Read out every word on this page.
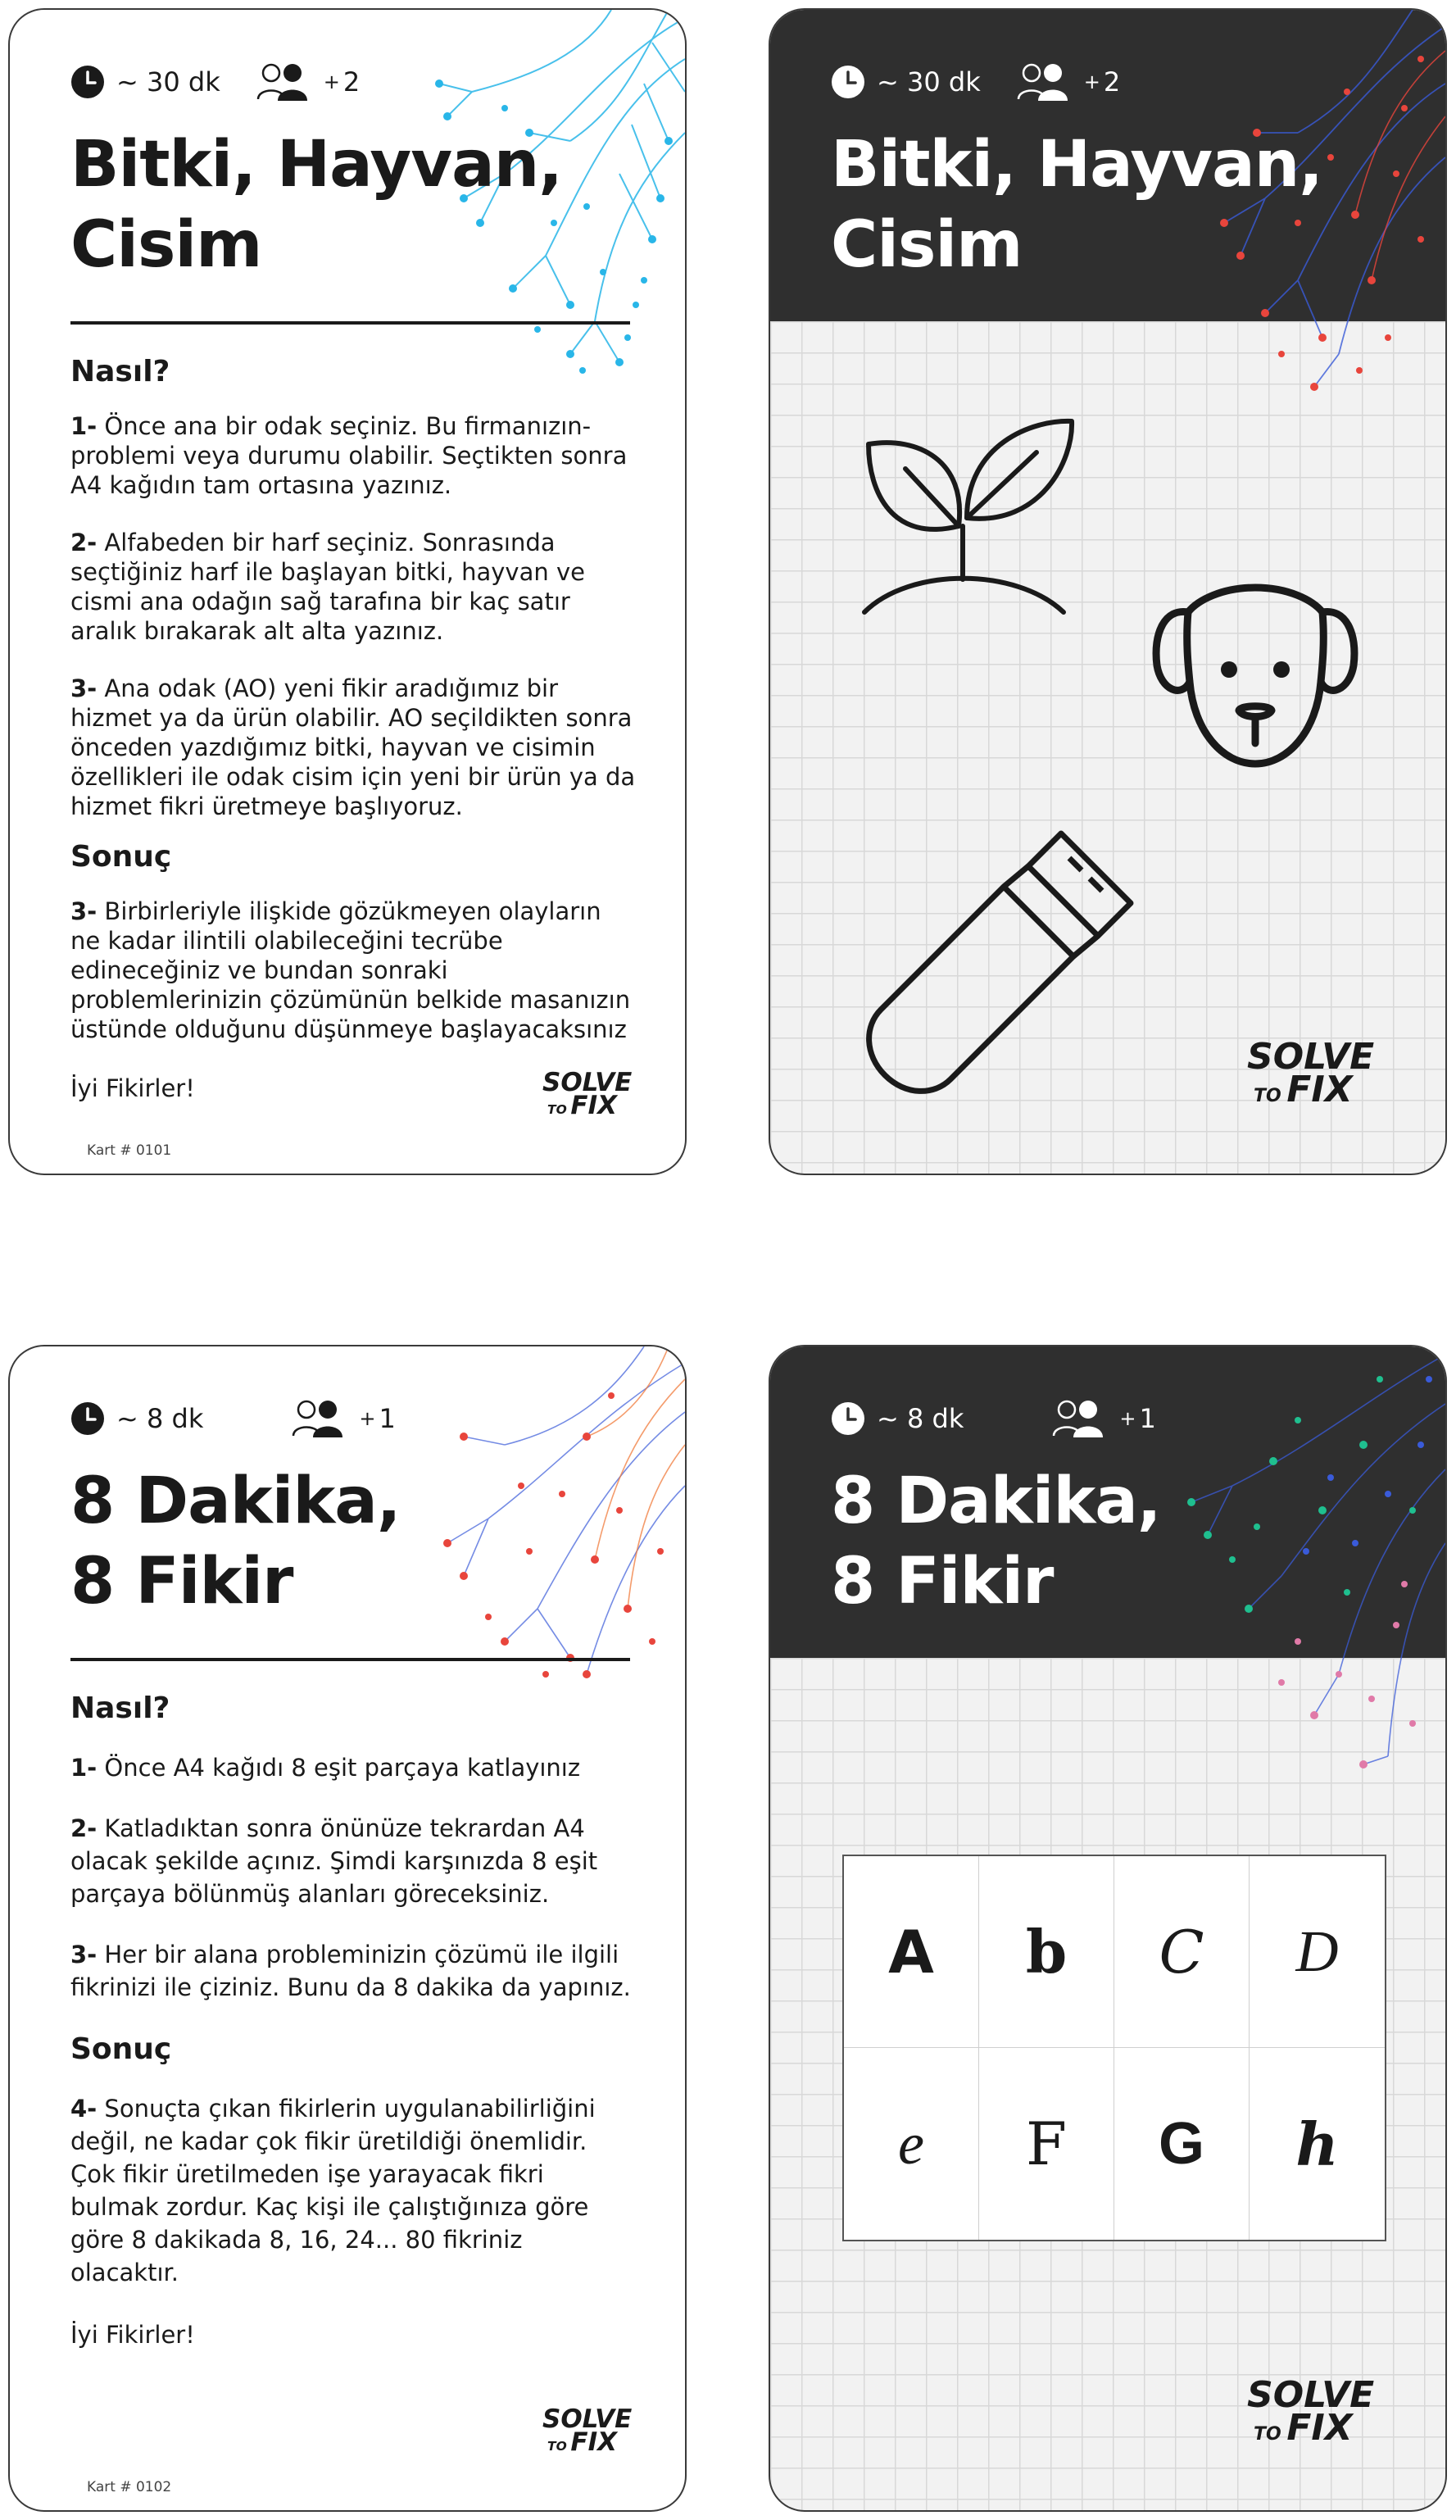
~ 30 dk	+ 2
Bitki, Hayvan,
Cisim
Nasıl?
1- Önce ana bir odak seçiniz. Bu firmanızın-problemi veya durumu olabilir. Seçtikten sonra A4 kağıdın tam ortasına yazınız.
2- Alfabeden bir harf seçiniz. Sonrasında seçtiğiniz harf ile başlayan bitki, hayvan ve cismi ana odağın sağ tarafına bir kaç satır aralık bırakarak alt alta yazınız.
3- Ana odak (AO) yeni fikir aradığımız bir hizmet ya da ürün olabilir. AO seçildikten sonra önceden yazdığımız bitki, hayvan ve cisimin özellikleri ile odak cisim için yeni bir ürün ya da hizmet fikri üretmeye başlıyoruz.
Sonuç
3- Birbirleriyle ilişkide gözükmeyen olayların ne kadar ilintili olabileceğini tecrübe edineceğiniz ve bundan sonraki problemlerinizin çözümünün belkide masanızın üstünde olduğunu düşünmeye başlayacaksınız
İyi Fikirler!	SOLVE
TO FIX
Kart # 0101
~ 30 dk	+ 2
Bitki, Hayvan,
Cisim
SOLVE
TO FIX
~ 8 dk	+ 1
8 Dakika,
8 Fikir
Nasıl?
1- Önce A4 kağıdı 8 eşit parçaya katlayınız
2- Katladıktan sonra önünüze tekrardan A4 olacak şekilde açınız. Şimdi karşınızda 8 eşit parçaya bölünmüş alanları göreceksiniz.
3- Her bir alana probleminizin çözümü ile ilgili fikrinizi ile çiziniz. Bunu da 8 dakika da yapınız.
Sonuç
4- Sonuçta çıkan fikirlerin uygulanabilirliğini değil, ne kadar çok fikir üretildiği önemlidir. Çok fikir üretilmeden işe yarayacak fikri bulmak zordur. Kaç kişi ile çalıştığınıza göre göre 8 dakikada 8, 16, 24... 80 fikriniz olacaktır.
İyi Fikirler!
SOLVE
TO FIX
Kart # 0102
~ 8 dk	+ 1
8 Dakika,
8 Fikir
A	b	C	D
e	F	G	h
SOLVE
TO FIX
